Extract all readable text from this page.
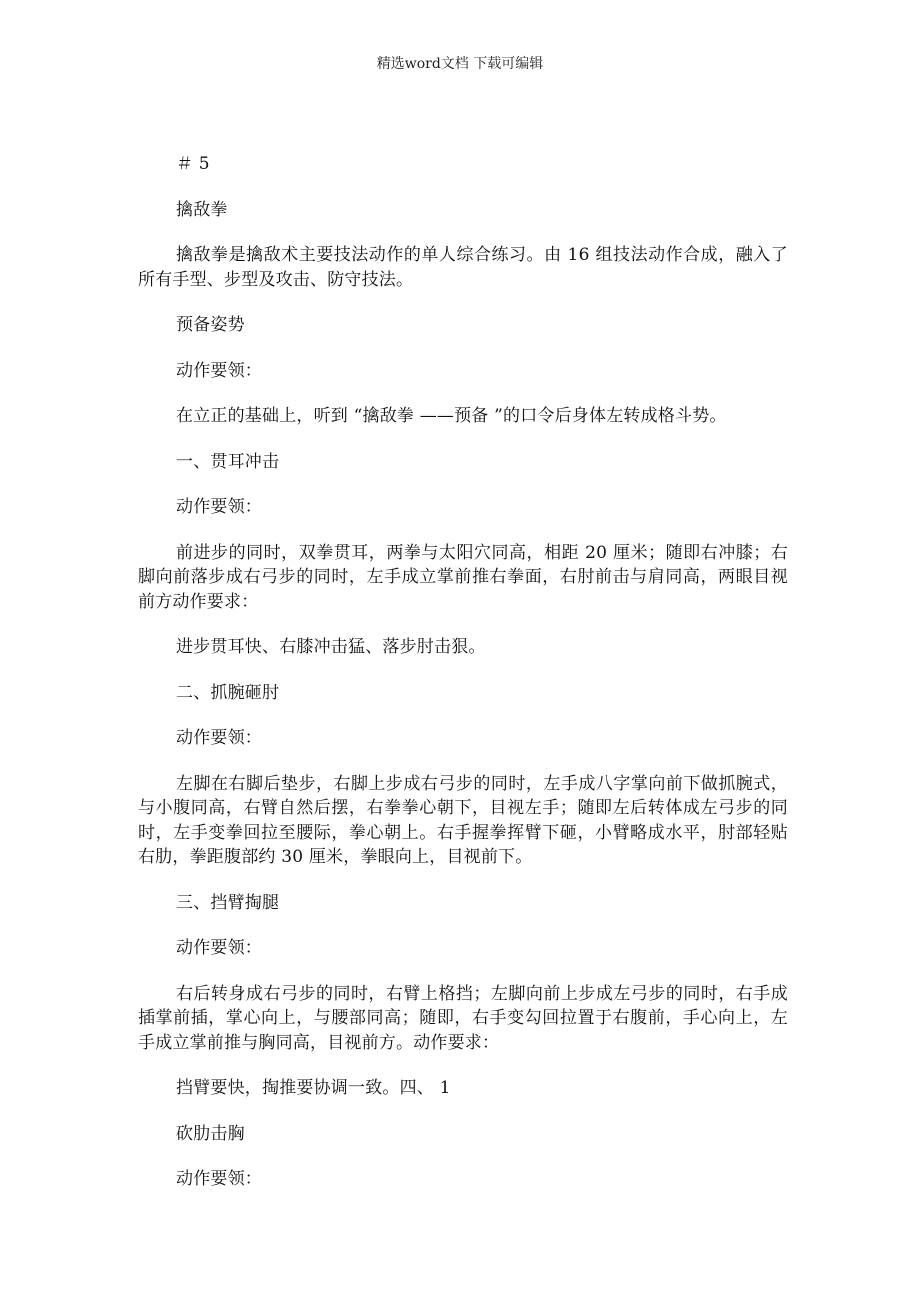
精选word文档 下载可编辑

＃ 5

擒敌拳

擒敌拳是擒敌术主要技法动作的单人综合练习。由 16 组技法动作合成，融入了所有手型、步型及攻击、防守技法。

预备姿势

动作要领：

在立正的基础上，听到 “擒敌拳 ——预备 ”的口令后身体左转成格斗势。

一、贯耳冲击

动作要领：

前进步的同时，双拳贯耳，两拳与太阳穴同高，相距 20 厘米；随即右冲膝；右脚向前落步成右弓步的同时，左手成立掌前推右拳面，右肘前击与肩同高，两眼目视前方动作要求：

进步贯耳快、右膝冲击猛、落步肘击狠。

二、抓腕砸肘

动作要领：

左脚在右脚后垫步，右脚上步成右弓步的同时，左手成八字掌向前下做抓腕式，与小腹同高，右臂自然后摆，右拳拳心朝下，目视左手；随即左后转体成左弓步的同时，左手变拳回拉至腰际，拳心朝上。右手握拳挥臂下砸，小臂略成水平，肘部轻贴右肋，拳距腹部约 30 厘米，拳眼向上，目视前下。

三、挡臂掏腿

动作要领：

右后转身成右弓步的同时，右臂上格挡；左脚向前上步成左弓步的同时，右手成插掌前插，掌心向上，与腰部同高；随即，右手变勾回拉置于右腹前，手心向上，左手成立掌前推与胸同高，目视前方。动作要求：

挡臂要快，掏推要协调一致。四、 1

砍肋击胸

动作要领：
